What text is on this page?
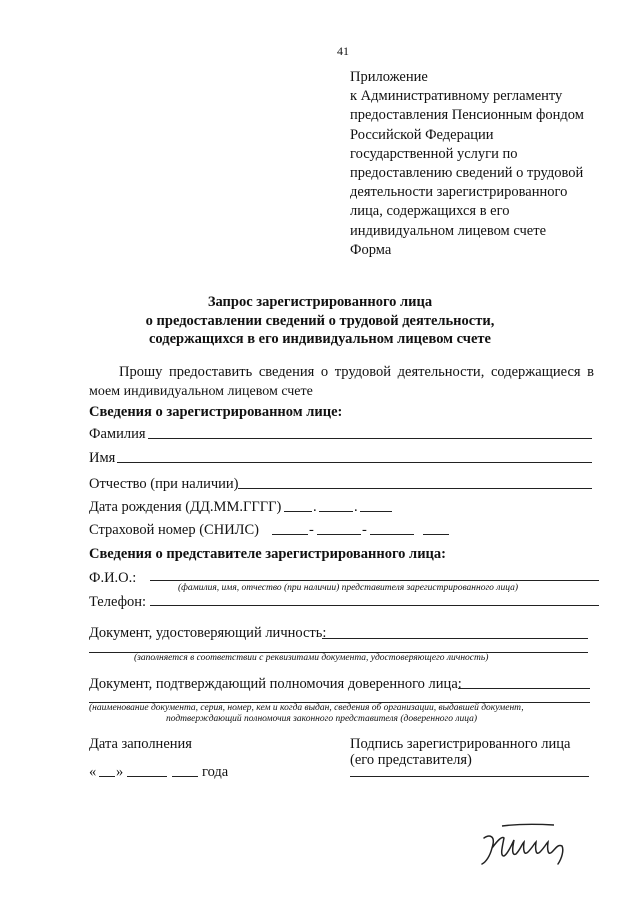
41
Приложение
к Административному регламенту
предоставления Пенсионным фондом
Российской Федерации
государственной услуги по
предоставлению сведений о трудовой
деятельности зарегистрированного
лица, содержащихся в его
индивидуальном лицевом счете
Форма
Запрос зарегистрированного лица
о предоставлении сведений о трудовой деятельности,
содержащихся в его индивидуальном лицевом счете
Прошу предоставить сведения о трудовой деятельности, содержащиеся в
моем индивидуальном лицевом счете
Сведения о зарегистрированном лице:
Фамилия
Имя
Отчество (при наличии)
Дата рождения (ДД.ММ.ГГГГ) .	.
Страховой номер (СНИЛС)	-	-
Сведения о представителе зарегистрированного лица:
Ф.И.О.:
(фамилия, имя, отчество (при наличии) представителя зарегистрированного лица)
Телефон:
Документ, удостоверяющий личность:
(заполняется в соответствии с реквизитами документа, удостоверяющего личность)
Документ, подтверждающий полномочия доверенного лица:
(наименование документа, серия, номер, кем и когда выдан, сведения об организации, выдавшей документ,
подтверждающий полномочия законного представителя (доверенного лица)
Дата заполнения	Подпись зарегистрированного лица
(его представителя)
« »	года
